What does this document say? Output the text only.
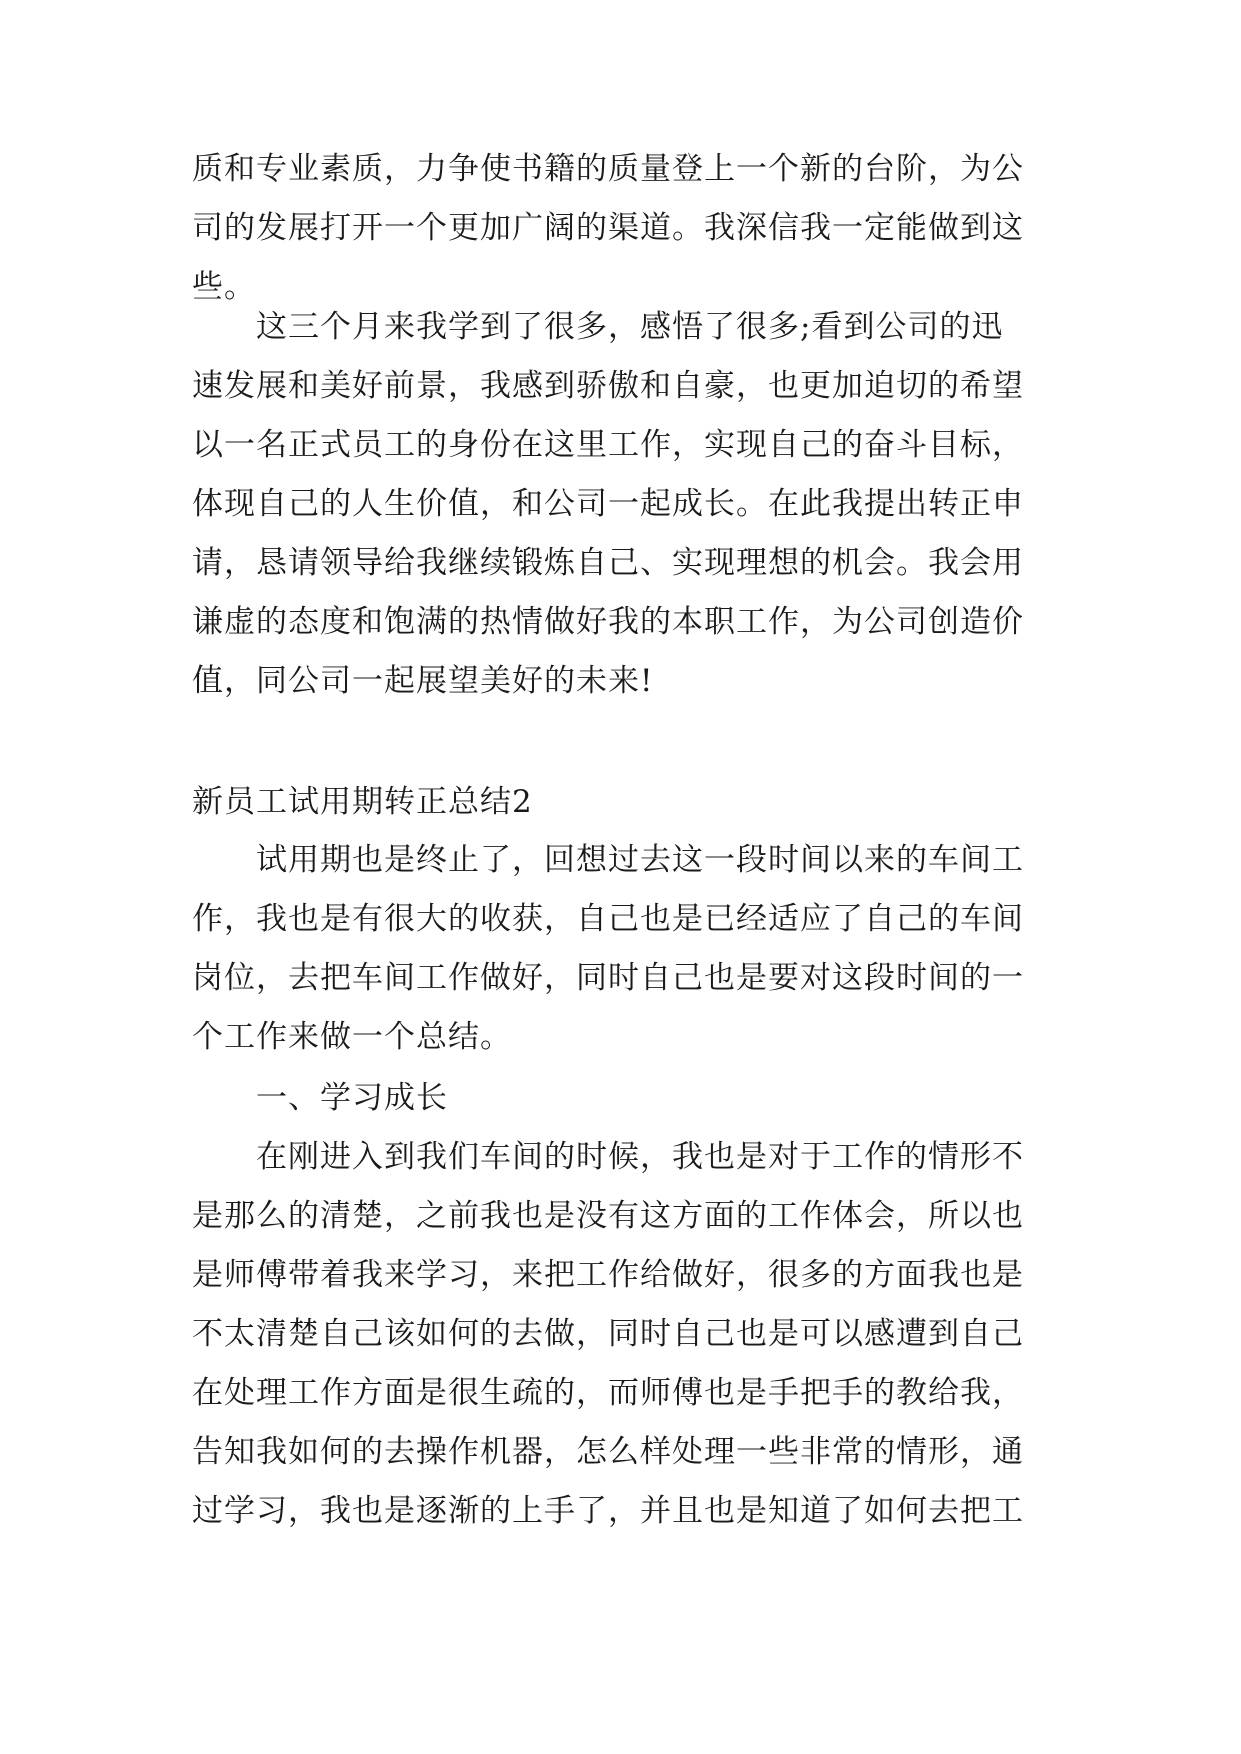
质和专业素质，力争使书籍的质量登上一个新的台阶，为公
司的发展打开一个更加广阔的渠道。我深信我一定能做到这
些。
这三个月来我学到了很多，感悟了很多;看到公司的迅
速发展和美好前景，我感到骄傲和自豪，也更加迫切的希望
以一名正式员工的身份在这里工作，实现自己的奋斗目标，
体现自己的人生价值，和公司一起成长。在此我提出转正申
请，恳请领导给我继续锻炼自己、实现理想的机会。我会用
谦虚的态度和饱满的热情做好我的本职工作，为公司创造价
值，同公司一起展望美好的未来!
新员工试用期转正总结2
试用期也是终止了，回想过去这一段时间以来的车间工
作，我也是有很大的收获，自己也是已经适应了自己的车间
岗位，去把车间工作做好，同时自己也是要对这段时间的一
个工作来做一个总结。
一、学习成长
在刚进入到我们车间的时候，我也是对于工作的情形不
是那么的清楚，之前我也是没有这方面的工作体会，所以也
是师傅带着我来学习，来把工作给做好，很多的方面我也是
不太清楚自己该如何的去做，同时自己也是可以感遭到自己
在处理工作方面是很生疏的，而师傅也是手把手的教给我，
告知我如何的去操作机器，怎么样处理一些非常的情形，通
过学习，我也是逐渐的上手了，并且也是知道了如何去把工
